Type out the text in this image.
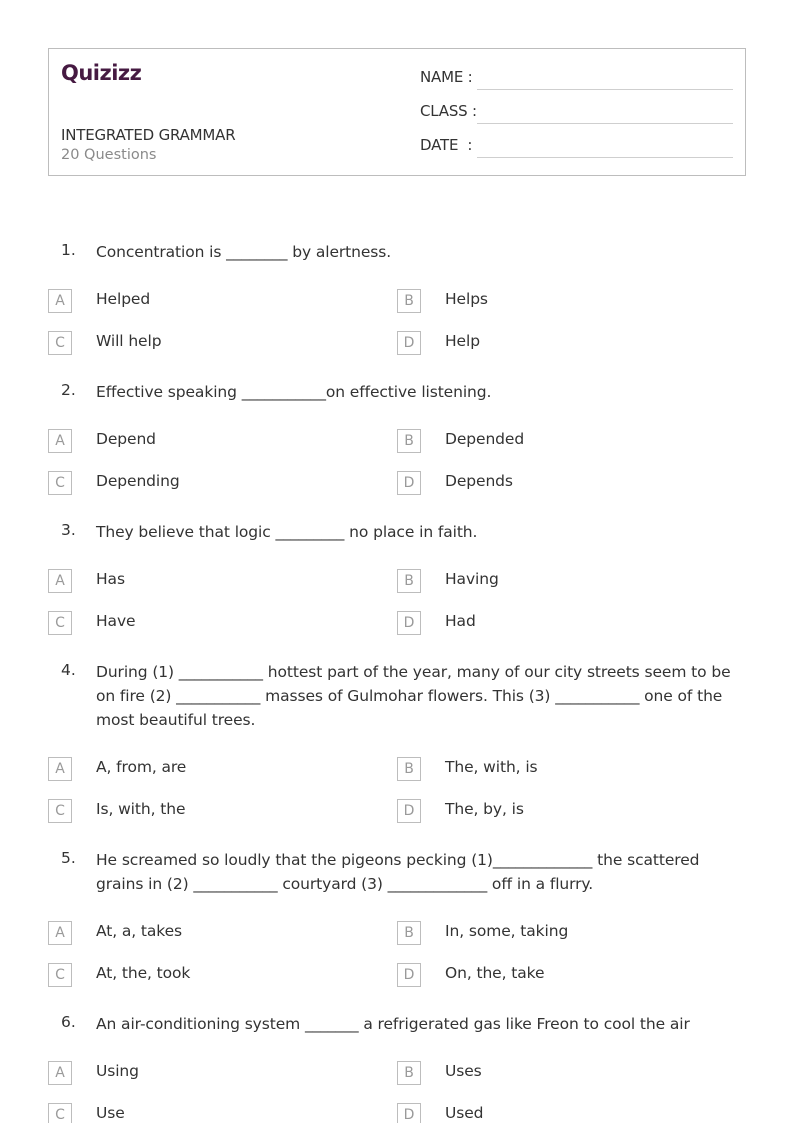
Quizizz
INTEGRATED GRAMMAR
20 Questions
NAME :
CLASS :
DATE  :
1. Concentration is ________ by alertness.
A	Helped	B	Helps
C	Will help	D	Help
2. Effective speaking ___________on effective listening.
A	Depend	B	Depended
C	Depending	D	Depends
3. They believe that logic _________ no place in faith.
A	Has	B	Having
C	Have	D	Had
4. During (1) ___________ hottest part of the year, many of our city streets seem to be on fire (2) ___________ masses of Gulmohar flowers. This (3) ___________ one of the most beautiful trees.
A	A, from, are	B	The, with, is
C	Is, with, the	D	The, by, is
5. He screamed so loudly that the pigeons pecking (1)_____________ the scattered grains in (2) ___________ courtyard (3) _____________ off in a flurry.
A	At, a, takes	B	In, some, taking
C	At, the, took	D	On, the, take
6. An air-conditioning system _______ a refrigerated gas like Freon to cool the air
A	Using	B	Uses
C	Use	D	Used
